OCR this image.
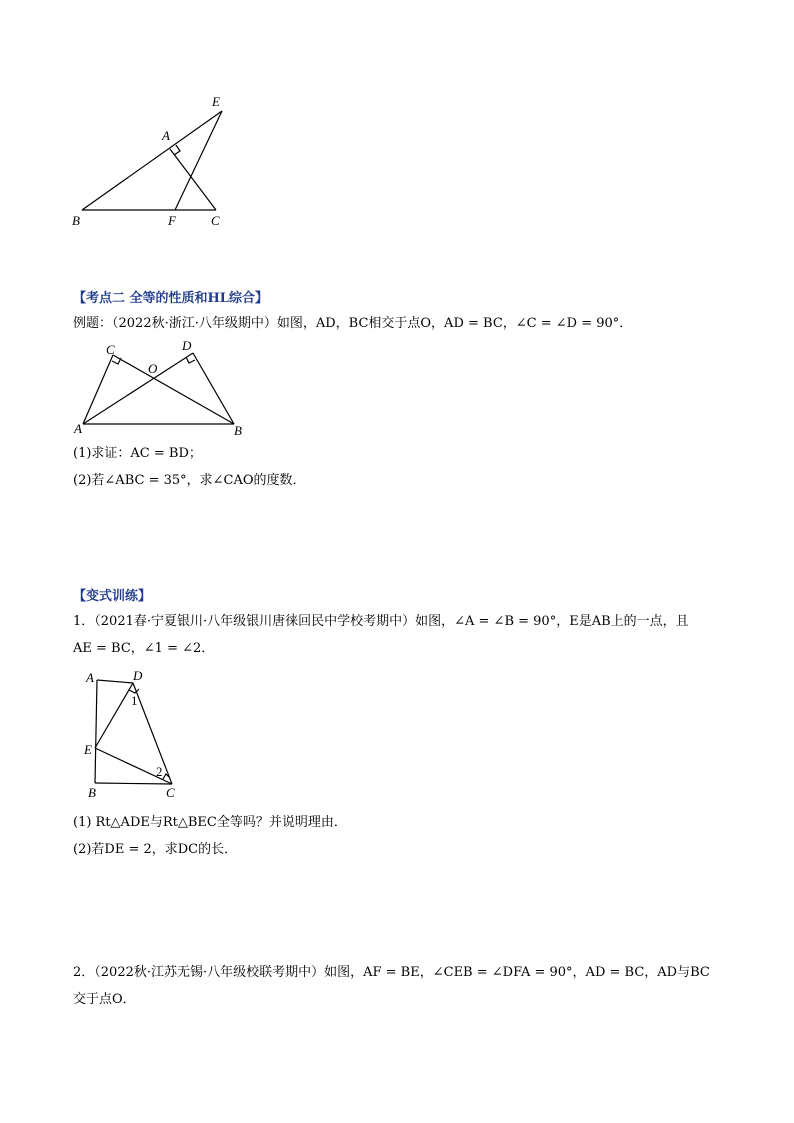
E
A
B	F	C
【考点二 全等的性质和HL综合】
例题：（2022秋·浙江·八年级期中）如图，AD，BC相交于点O，AD = BC，∠C = ∠D = 90°．
C	D
O
A	B
(1)求证：AC = BD；
(2)若∠ABC = 35°，求∠CAO的度数．
【变式训练】
1．（2021春·宁夏银川·八年级银川唐徕回民中学校考期中）如图，∠A = ∠B = 90°，E是AB上的一点，且
AE = BC，∠1 = ∠2．
A	D
1
E
2
B	C
(1) Rt△ADE与Rt△BEC全等吗？并说明理由．
(2)若DE = 2，求DC的长．
2．（2022秋·江苏无锡·八年级校联考期中）如图，AF = BE，∠CEB = ∠DFA = 90°，AD = BC，AD与BC
交于点O．
